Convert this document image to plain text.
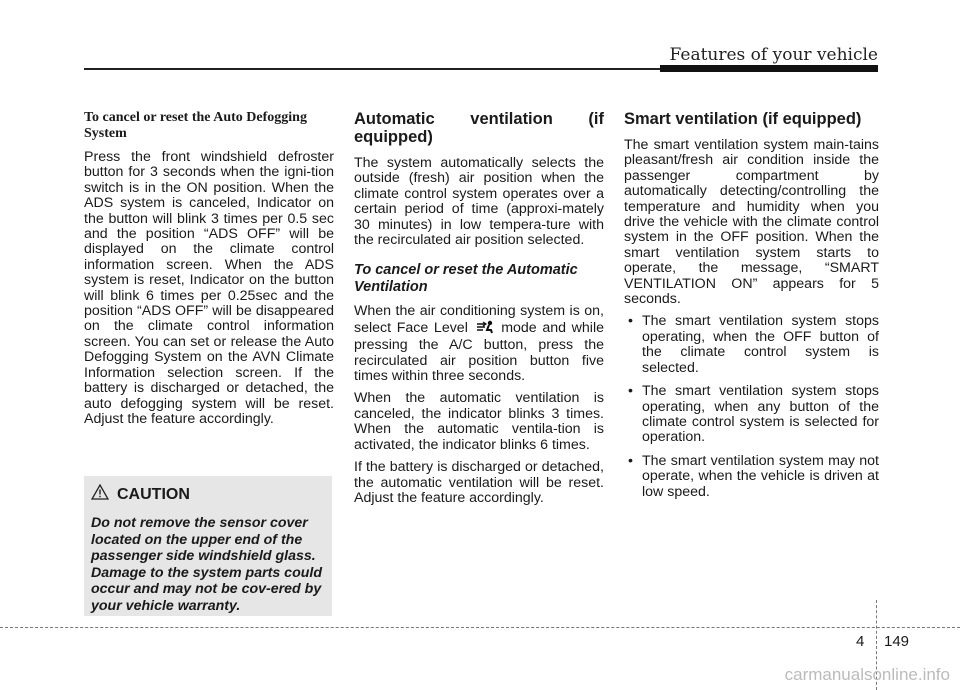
Features of your vehicle
To cancel or reset the Auto Defogging System

Press the front windshield defroster button for 3 seconds when the igni-tion switch is in the ON position. When the ADS system is canceled, Indicator on the button will blink 3 times per 0.5 sec and the position “ADS OFF” will be displayed on the climate control information screen. When the ADS system is reset, Indicator on the button will blink 6 times per 0.25sec and the position “ADS OFF” will be disappeared on the climate control information screen. You can set or release the Auto Defogging System on the AVN Climate Information selection screen. If the battery is discharged or detached, the auto defogging system will be reset. Adjust the feature accordingly.

CAUTION

Do not remove the sensor cover located on the upper end of the passenger side windshield glass. Damage to the system parts could occur and may not be cov-ered by your vehicle warranty.

Automatic ventilation (if equipped)

The system automatically selects the outside (fresh) air position when the climate control system operates over a certain period of time (approxi-mately 30 minutes) in low tempera-ture with the recirculated air position selected.

To cancel or reset the Automatic Ventilation

When the air conditioning system is on, select Face Level mode and while pressing the A/C button, press the recirculated air position button five times within three seconds.

When the automatic ventilation is canceled, the indicator blinks 3 times. When the automatic ventila-tion is activated, the indicator blinks 6 times.

If the battery is discharged or detached, the automatic ventilation will be reset. Adjust the feature accordingly.

Smart ventilation (if equipped)

The smart ventilation system main-tains pleasant/fresh air condition inside the passenger compartment by automatically detecting/controlling the temperature and humidity when you drive the vehicle with the climate control system in the OFF position. When the smart ventilation system starts to operate, the message, “SMART VENTILATION ON” appears for 5 seconds.

• The smart ventilation system stops operating, when the OFF button of the climate control system is selected.
• The smart ventilation system stops operating, when any button of the climate control system is selected for operation.
• The smart ventilation system may not operate, when the vehicle is driven at low speed.
4 149
carmanualsonline.info
